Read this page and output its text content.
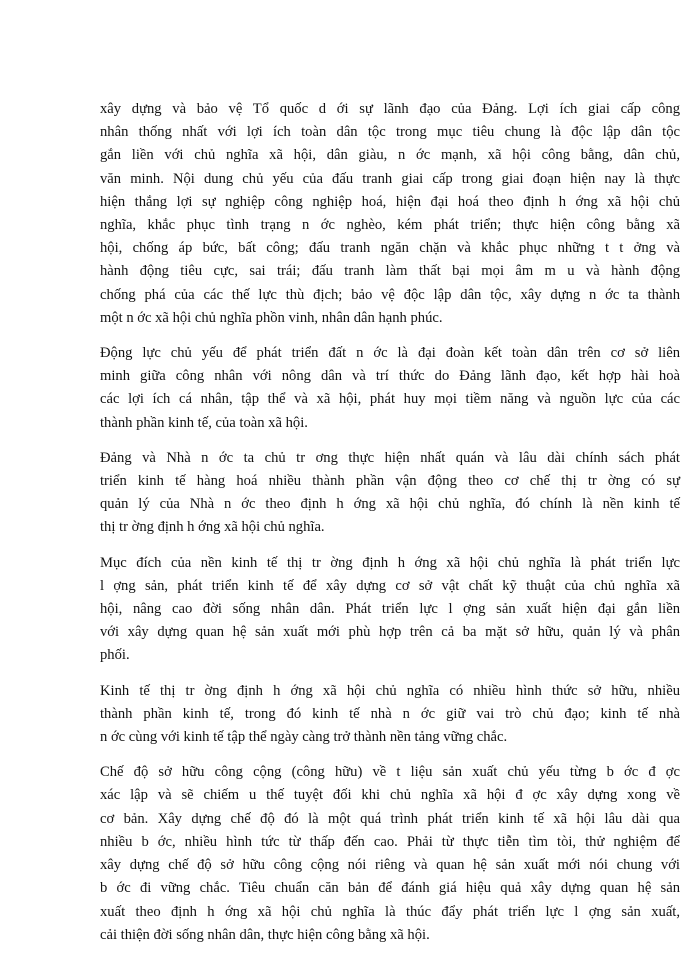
xây dựng và bảo vệ Tổ quốc d ới sự lãnh đạo của Đảng. Lợi ích giai cấp công
nhân thống nhất với lợi ích toàn dân tộc trong mục tiêu chung là độc lập dân tộc
gắn liền với chủ nghĩa xã hội, dân giàu, n ớc mạnh, xã hội công bằng, dân chủ,
văn minh. Nội dung chủ yếu của đấu tranh giai cấp trong giai đoạn hiện nay là thực
hiện thắng lợi sự nghiệp công nghiệp hoá, hiện đại hoá theo định h ớng xã hội chủ
nghĩa, khắc phục tình trạng n ớc nghèo, kém phát triển; thực hiện công bằng xã
hội, chống áp bức, bất công; đấu tranh ngăn chặn và khắc phục những t t ởng và
hành động tiêu cực, sai trái; đấu tranh làm thất bại mọi âm m u và hành động
chống phá của các thế lực thù địch; bảo vệ độc lập dân tộc, xây dựng n ớc ta thành
một n ớc xã hội chủ nghĩa phồn vinh, nhân dân hạnh phúc.
Động lực chủ yếu để phát triển đất n ớc là đại đoàn kết toàn dân trên cơ sở liên
minh giữa công nhân với nông dân và trí thức do Đảng lãnh đạo, kết hợp hài hoà
các lợi ích cá nhân, tập thể và xã hội, phát huy mọi tiềm năng và nguồn lực của các
thành phần kinh tế, của toàn xã hội.
Đảng và Nhà n ớc ta chủ tr ơng thực hiện nhất quán và lâu dài chính sách phát
triển kinh tế hàng hoá nhiều thành phần vận động theo cơ chế thị tr ờng có sự
quản lý của Nhà n ớc theo định h ớng xã hội chủ nghĩa, đó chính là nền kinh tế
thị tr ờng định h ớng xã hội chủ nghĩa.
Mục đích của nền kinh tế thị tr ờng định h ớng xã hội chủ nghĩa là phát triển lực
l ợng sản, phát triển kinh tế để xây dựng cơ sở vật chất kỹ thuật của chủ nghĩa xã
hội, nâng cao đời sống nhân dân. Phát triển lực l ợng sản xuất hiện đại gắn liền
với xây dựng quan hệ sản xuất mới phù hợp trên cả ba mặt sở hữu, quản lý và phân
phối.
Kinh tế thị tr ờng định h ớng xã hội chủ nghĩa có nhiều hình thức sở hữu, nhiều
thành phần kinh tế, trong đó kinh tế nhà n ớc giữ vai trò chủ đạo; kinh tế nhà
n ớc cùng với kinh tế tập thể ngày càng trở thành nền tảng vững chắc.
Chế độ sở hữu công cộng (công hữu) về t liệu sản xuất chủ yếu từng b ớc đ ợc
xác lập và sẽ chiếm u thế tuyệt đối khi chủ nghĩa xã hội đ ợc xây dựng xong về
cơ bản. Xây dựng chế độ đó là một quá trình phát triển kinh tế xã hội lâu dài qua
nhiều b ớc, nhiều hình tức từ thấp đến cao. Phải từ thực tiễn tìm tòi, thử nghiệm để
xây dựng chế độ sở hữu công cộng nói riêng và quan hệ sản xuất mới nói chung với
b ớc đi vững chắc. Tiêu chuẩn căn bản để đánh giá hiệu quả xây dựng quan hệ sản
xuất theo định h ớng xã hội chủ nghĩa là thúc đẩy phát triển lực l ợng sản xuất,
cải thiện đời sống nhân dân, thực hiện công bằng xã hội.
